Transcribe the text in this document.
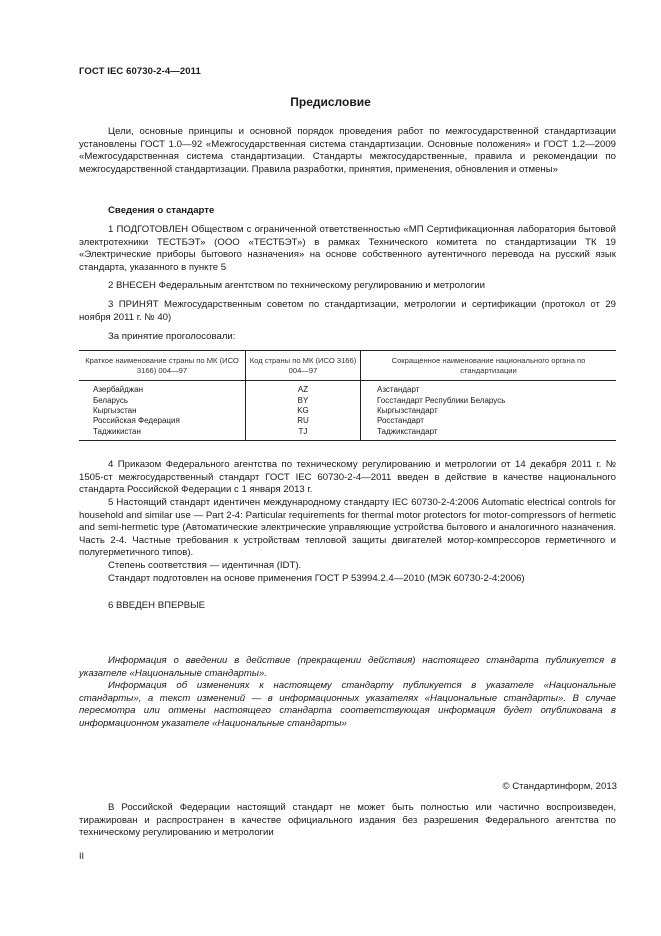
ГОСТ IEC 60730-2-4—2011
Предисловие

Цели, основные принципы и основной порядок проведения работ по межгосударственной стандартизации установлены ГОСТ 1.0—92 «Межгосударственная система стандартизации. Основные положения» и ГОСТ 1.2—2009 «Межгосударственная система стандартизации. Стандарты межгосударственные, правила и рекомендации по межгосударственной стандартизации. Правила разработки, принятия, применения, обновления и отмены»

Сведения о стандарте

1 ПОДГОТОВЛЕН Обществом с ограниченной ответственностью «МП Сертификационная лаборатория бытовой электротехники ТЕСТБЭТ» (ООО «ТЕСТБЭТ») в рамках Технического комитета по стандартизации ТК 19 «Электрические приборы бытового назначения» на основе собственного аутентичного перевода на русский язык стандарта, указанного в пункте 5

2 ВНЕСЕН Федеральным агентством по техническому регулированию и метрологии

3 ПРИНЯТ Межгосударственным советом по стандартизации, метрологии и сертификации (протокол от 29 ноября 2011 г. № 40)

За принятие проголосовали:

Краткое наименование страны по МК (ИСО 3166) 004—97	Код страны по МК (ИСО 3166) 004—97	Сокращенное наименование национального органа по стандартизации
Азербайджан	AZ	Азстандарт
Беларусь	BY	Госстандарт Республики Беларусь
Кыргызстан	KG	Кыргызстандарт
Российская Федерация	RU	Росстандарт
Таджикистан	TJ	Таджикстандарт

4 Приказом Федерального агентства по техническому регулированию и метрологии от 14 декабря 2011 г. № 1505-ст межгосударственный стандарт ГОСТ IEC 60730-2-4—2011 введен в действие в качестве национального стандарта Российской Федерации с 1 января 2013 г.

5 Настоящий стандарт идентичен международному стандарту IEC 60730-2-4:2006 Automatic electrical controls for household and similar use — Part 2-4: Particular requirements for thermal motor protectors for motor-compressors of hermetic and semi-hermetic type (Автоматические электрические управляющие устройства бытового и аналогичного назначения. Часть 2-4. Частные требования к устройствам тепловой защиты двигателей мотор-компрессоров герметичного и полугерметичного типов).

Степень соответствия — идентичная (IDT).

Стандарт подготовлен на основе применения ГОСТ Р 53994.2.4—2010 (МЭК 60730-2-4:2006)

6 ВВЕДЕН ВПЕРВЫЕ

Информация о введении в действие (прекращении действия) настоящего стандарта публикуется в указателе «Национальные стандарты».

Информация об изменениях к настоящему стандарту публикуется в указателе «Национальные стандарты», а текст изменений — в информационных указателях «Национальные стандарты». В случае пересмотра или отмены настоящего стандарта соответствующая информация будет опубликована в информационном указателе «Национальные стандарты»

© Стандартинформ, 2013

В Российской Федерации настоящий стандарт не может быть полностью или частично воспроизведен, тиражирован и распространен в качестве официального издания без разрешения Федерального агентства по техническому регулированию и метрологии

II
